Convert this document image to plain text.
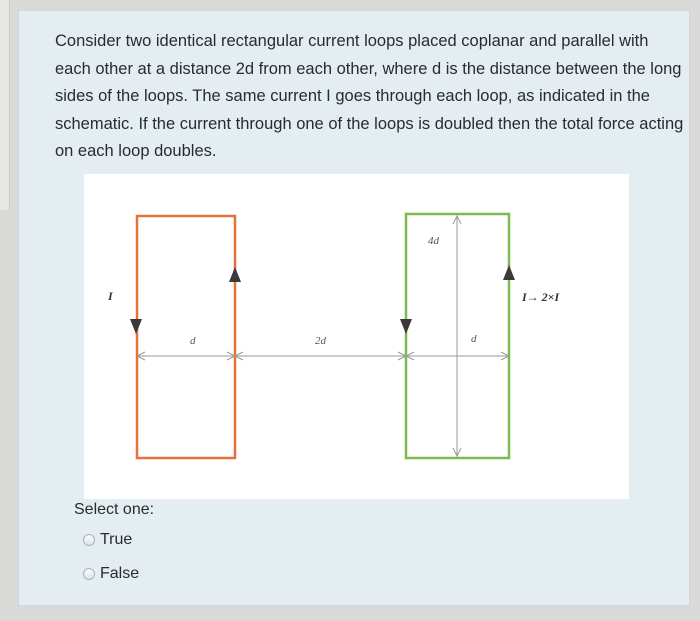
Consider two identical rectangular current loops placed coplanar and parallel with each other at a distance 2d from each other, where d is the distance between the long sides of the loops. The same current I goes through each loop, as indicated in the schematic. If the current through one of the loops is doubled then the total force acting on each loop doubles.

I
d	2d	d
4d
I→ 2×I
Select one:
True
False
